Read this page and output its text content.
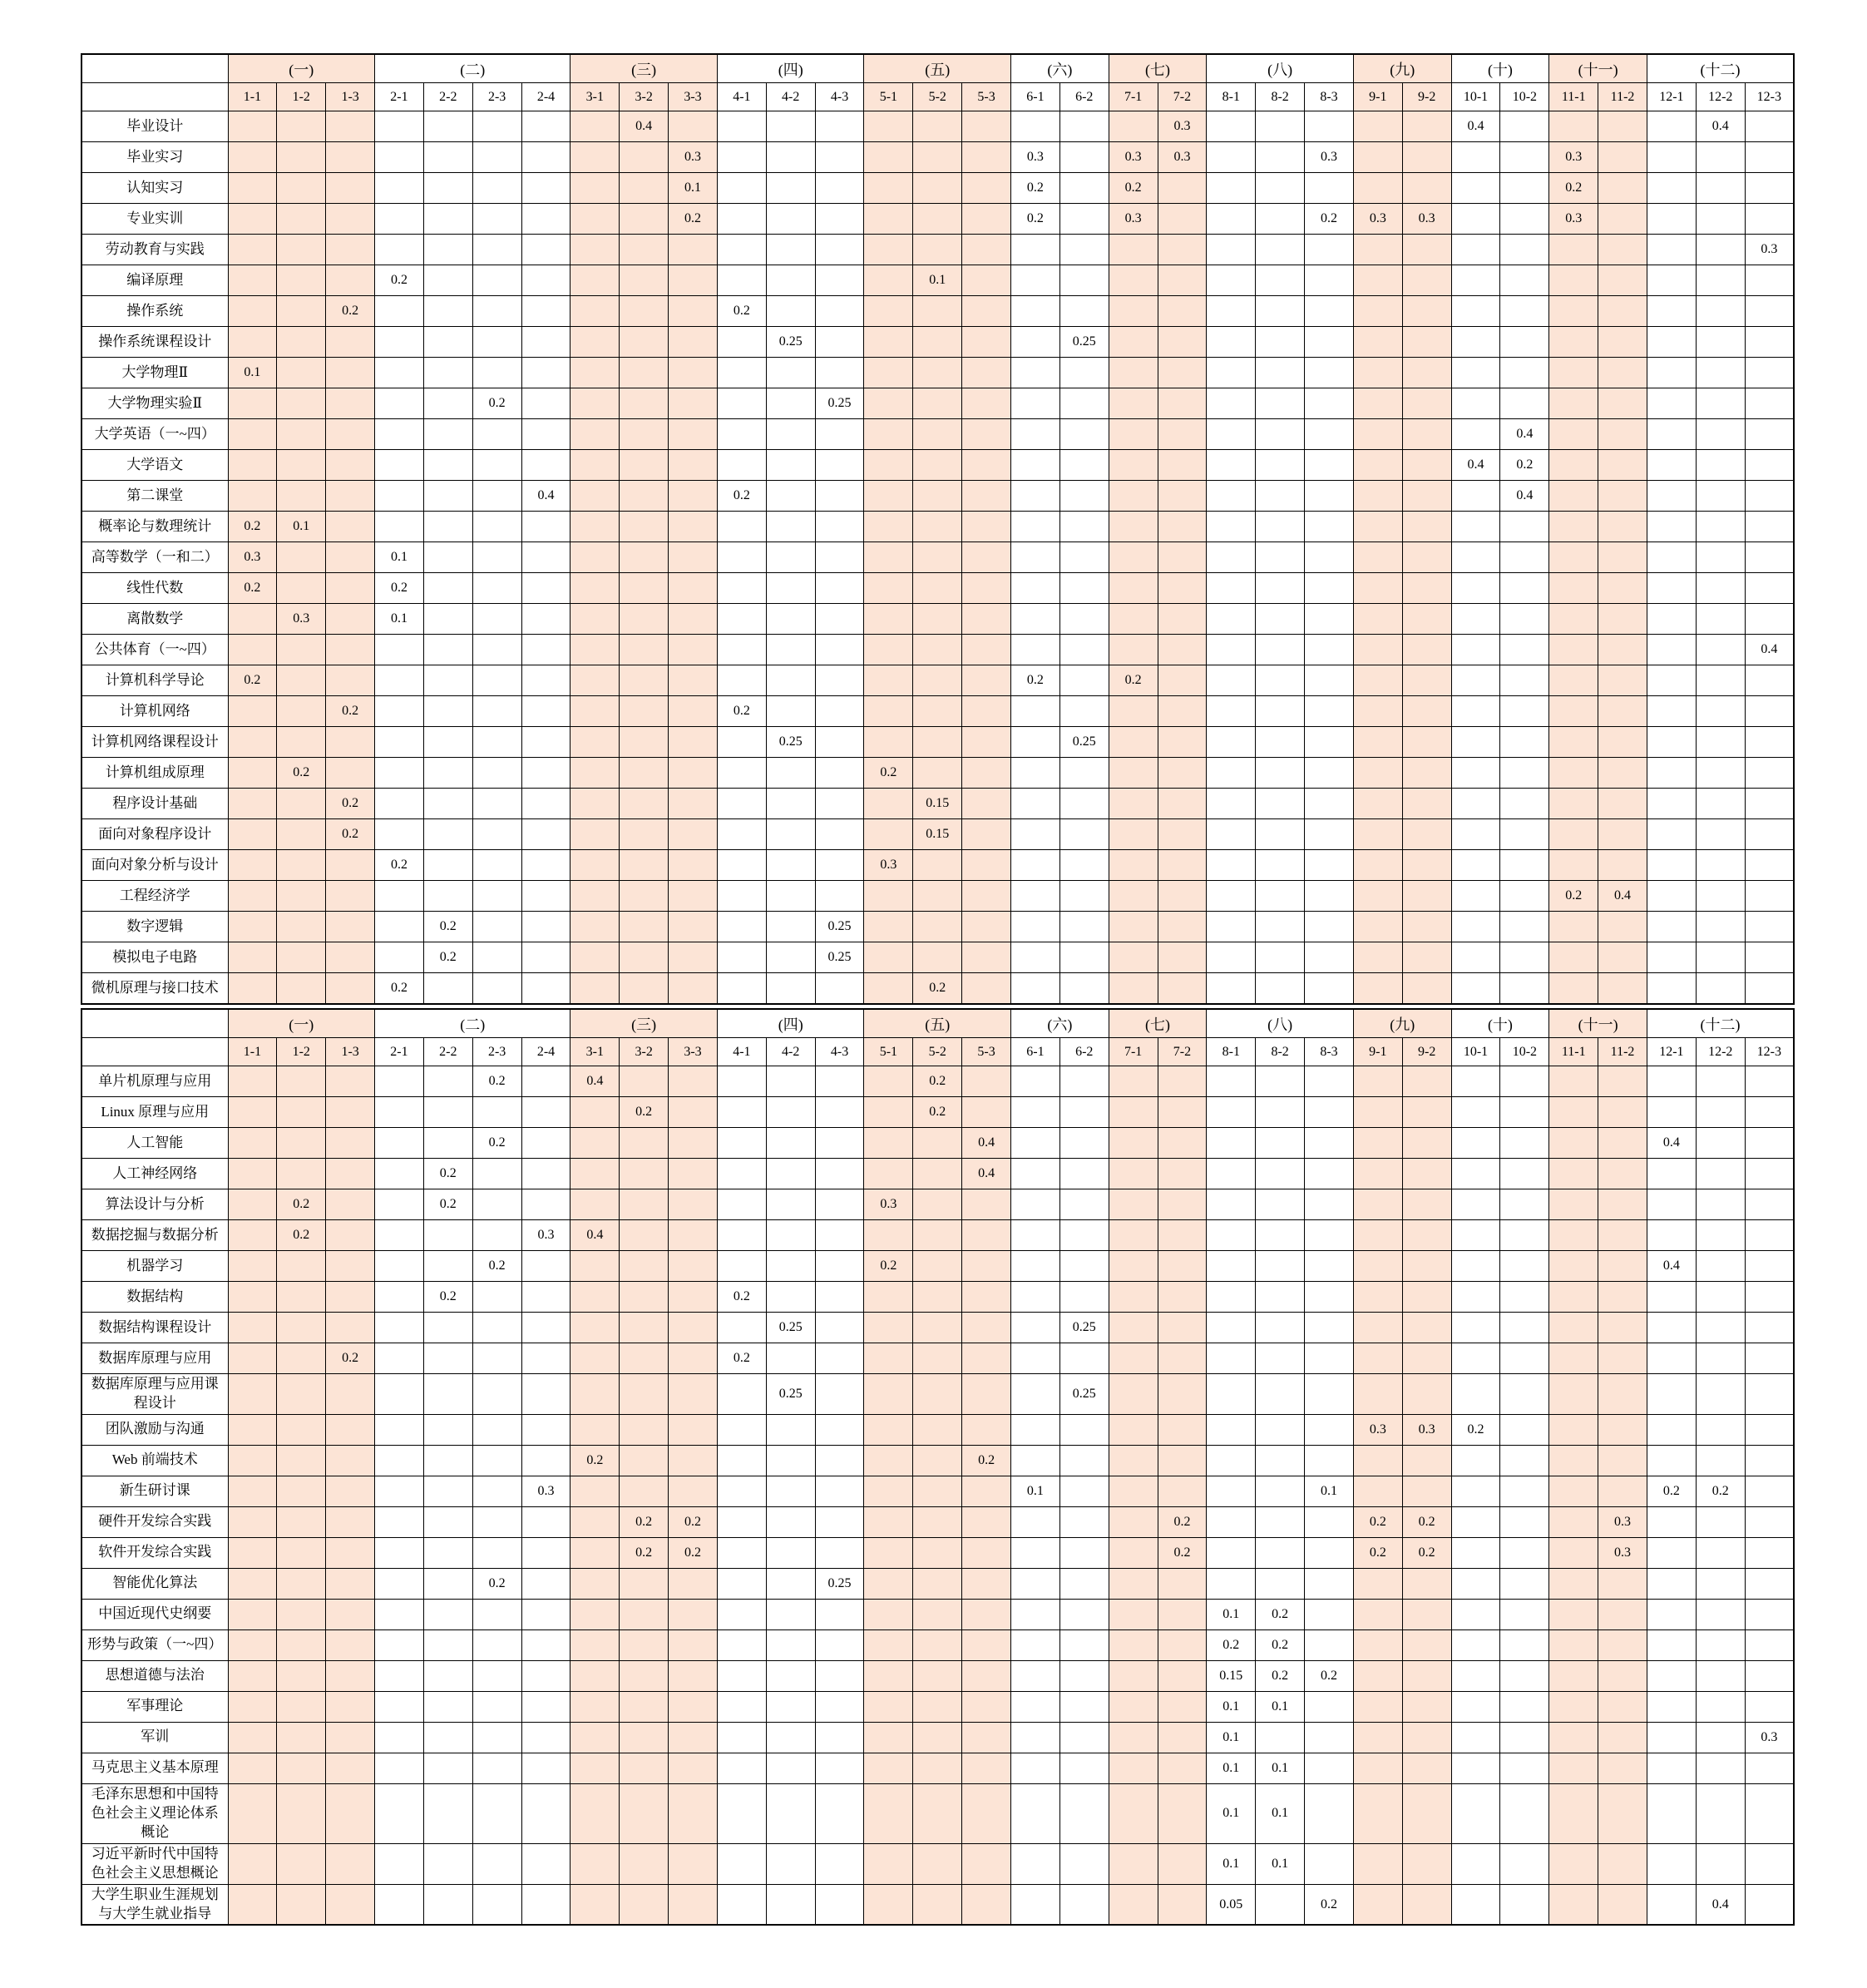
	(一)			(二)				(三)			(四)			(五)			(六)		(七)		(八)			(九)		(十)		(十一)		(十二)		
	1-1	1-2	1-3	2-1	2-2	2-3	2-4	3-1	3-2	3-3	4-1	4-2	4-3	5-1	5-2	5-3	6-1	6-2	7-1	7-2	8-1	8-2	8-3	9-1	9-2	10-1	10-2	11-1	11-2	12-1	12-2	12-3
毕业设计									0.4											0.3						0.4					0.4	
毕业实习										0.3							0.3		0.3	0.3			0.3					0.3				
认知实习										0.1							0.2		0.2									0.2				
专业实训										0.2							0.2		0.3				0.2	0.3	0.3			0.3				
劳动教育与实践																																0.3
编译原理				0.2											0.1																	
操作系统			0.2								0.2																					
操作系统课程设计												0.25						0.25														
大学物理Ⅱ	0.1																															
大学物理实验Ⅱ						0.2							0.25																			
大学英语（一~四）																											0.4					
大学语文																										0.4	0.2					
第二课堂							0.4				0.2																0.4					
概率论与数理统计	0.2	0.1																														
高等数学（一和二）	0.3			0.1																												
线性代数	0.2			0.2																												
离散数学		0.3		0.1																												
公共体育（一~四）																																0.4
计算机科学导论	0.2																0.2		0.2													
计算机网络			0.2								0.2																					
计算机网络课程设计												0.25						0.25														
计算机组成原理		0.2												0.2																		
程序设计基础			0.2												0.15																	
面向对象程序设计			0.2												0.15																	
面向对象分析与设计				0.2										0.3																		
工程经济学																												0.2	0.4			
数字逻辑					0.2								0.25																			
模拟电子电路					0.2								0.25																			
微机原理与接口技术				0.2											0.2																	
	(一)			(二)				(三)			(四)			(五)			(六)		(七)		(八)			(九)		(十)		(十一)		(十二)		
	1-1	1-2	1-3	2-1	2-2	2-3	2-4	3-1	3-2	3-3	4-1	4-2	4-3	5-1	5-2	5-3	6-1	6-2	7-1	7-2	8-1	8-2	8-3	9-1	9-2	10-1	10-2	11-1	11-2	12-1	12-2	12-3
单片机原理与应用						0.2		0.4							0.2																	
Linux 原理与应用									0.2						0.2																	
人工智能						0.2										0.4														0.4		
人工神经网络					0.2											0.4																
算法设计与分析		0.2			0.2									0.3																		
数据挖掘与数据分析		0.2					0.3	0.4																								
机器学习						0.2								0.2																0.4		
数据结构					0.2						0.2																					
数据结构课程设计												0.25						0.25														
数据库原理与应用			0.2								0.2																					
数据库原理与应用课程设计												0.25						0.25														
团队激励与沟通																								0.3	0.3	0.2						
Web 前端技术								0.2								0.2																
新生研讨课							0.3										0.1						0.1							0.2	0.2	
硬件开发综合实践									0.2	0.2										0.2				0.2	0.2				0.3			
软件开发综合实践									0.2	0.2										0.2				0.2	0.2				0.3			
智能优化算法						0.2							0.25																			
中国近现代史纲要																					0.1	0.2										
形势与政策（一~四）																					0.2	0.2										
思想道德与法治																					0.15	0.2	0.2									
军事理论																					0.1	0.1										
军训																					0.1											0.3
马克思主义基本原理																					0.1	0.1										
毛泽东思想和中国特色社会主义理论体系概论																					0.1	0.1										
习近平新时代中国特色社会主义思想概论																					0.1	0.1										
大学生职业生涯规划与大学生就业指导																					0.05		0.2								0.4	
